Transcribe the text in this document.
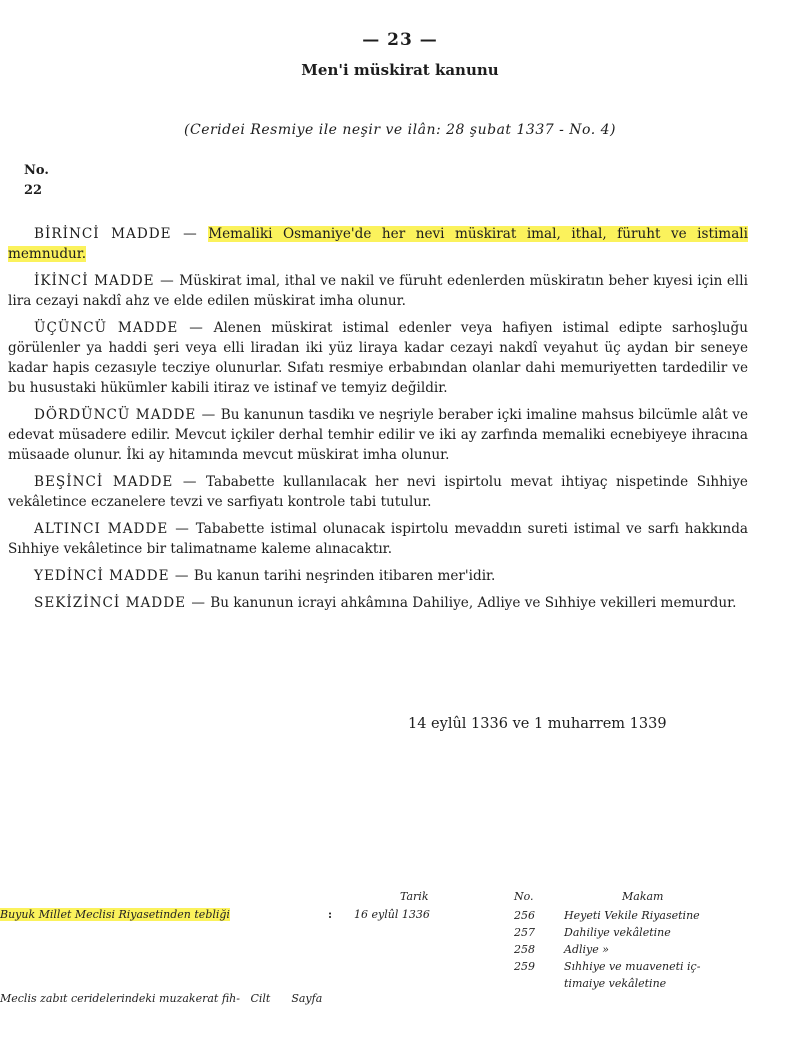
— 23 —
Men'i müskirat kanunu
(Ceridei Resmiye ile neşir ve ilân: 28 şubat 1337 - No. 4)
No.
22

BİRİNCİ MADDE — Memaliki Osmaniye'de her nevi müskirat imal, ithal, füruht ve istimali memnudur.

İKİNCİ MADDE — Müskirat imal, ithal ve nakil ve füruht edenlerden müskiratın beher kıyesi için elli lira cezayi nakdî ahz ve elde edilen müskirat imha olunur.

ÜÇÜNCÜ MADDE — Alenen müskirat istimal edenler veya hafiyen istimal edipte sarhoşluğu görülenler ya haddi şeri veya elli liradan iki yüz liraya kadar cezayi nakdî veyahut üç aydan bir seneye kadar hapis cezasıyle tecziye olunurlar. Sıfatı resmiye erbabından olanlar dahi memuriyetten tardedilir ve bu husustaki hükümler kabili itiraz ve istinaf ve temyiz değildir.

DÖRDÜNCÜ MADDE — Bu kanunun tasdikı ve neşriyle beraber içki imaline mahsus bilcümle alât ve edevat müsadere edilir. Mevcut içkiler derhal temhir edilir ve iki ay zarfında memaliki ecnebiyeye ihracına müsaade olunur. İki ay hitamında mevcut müskirat imha olunur.

BEŞİNCİ MADDE — Tababette kullanılacak her nevi ispirtolu mevat ihtiyaç nispetinde Sıhhiye vekâletince eczanelere tevzi ve sarfiyatı kontrole tabi tutulur.

ALTINCI MADDE — Tababette istimal olunacak ispirtolu mevaddın sureti istimal ve sarfı hakkında Sıhhiye vekâletince bir talimatname kaleme alınacaktır.

YEDİNCİ MADDE — Bu kanun tarihi neşrinden itibaren mer'idir.

SEKİZİNCİ MADDE — Bu kanunun icrayi ahkâmına Dahiliye, Adliye ve Sıhhiye vekilleri memurdur.

14 eylûl 1336 ve 1 muharrem 1339
Tarik	No.	Makam
Buyuk Millet Meclisi Riyasetinden tebliği	: 16 eylûl 1336	256	Heyeti Vekile Riyasetine
257	Dahiliye vekâletine
258	Adliye »
259	Sıhhiye ve muaveneti iç-
timaiye vekâletine
Meclis zabıt ceridelerindeki muzakerat fih-   Cilt      Sayfa
